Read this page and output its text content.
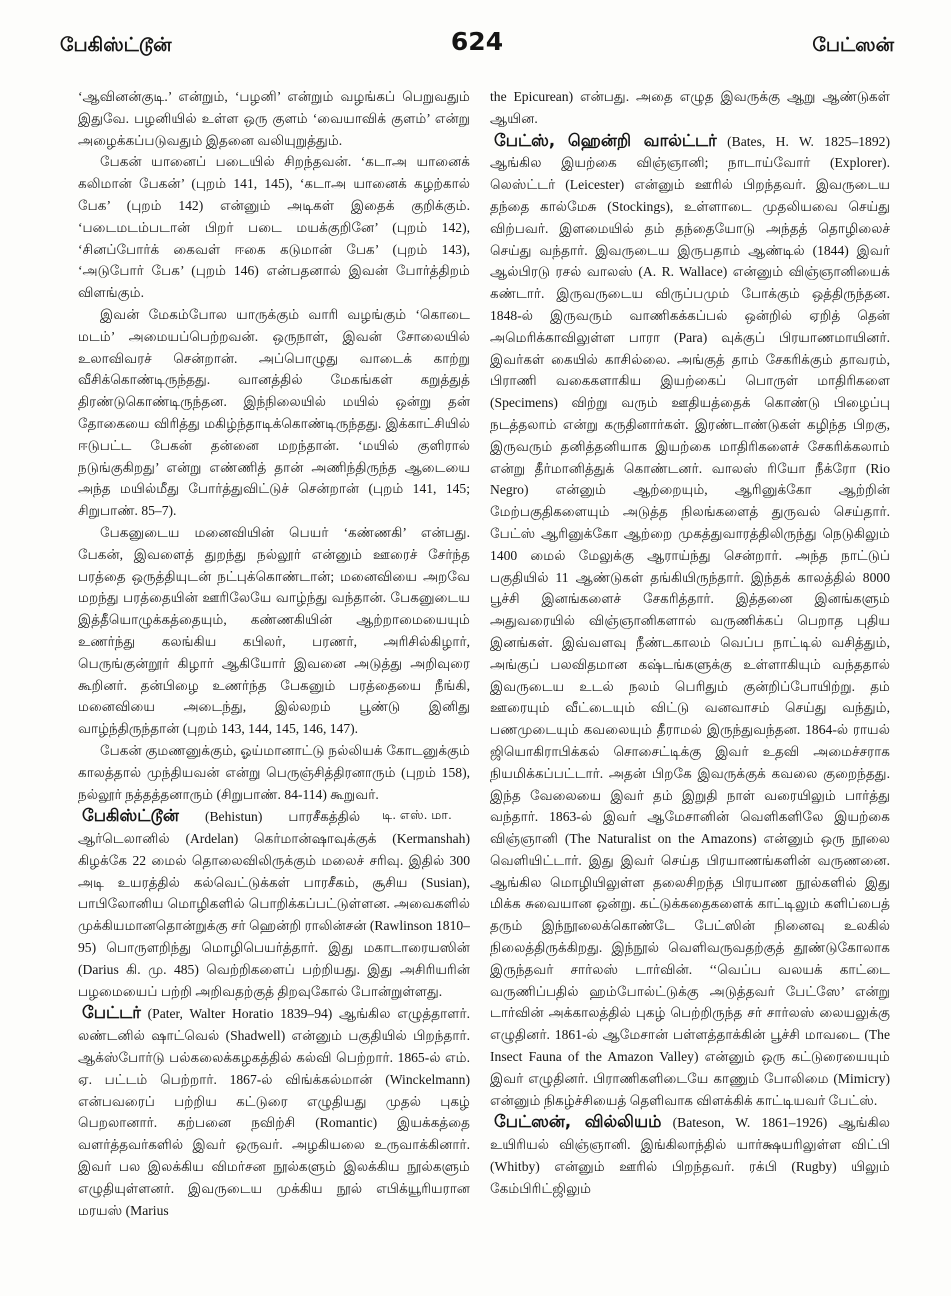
பேகிஸ்ட்டூன்	624	பேட்ஸன்

‘ஆவினன்குடி.’ என்றும், ‘பழனி’ என்றும் வழங்கப் பெறுவதும் இதுவே. பழனியில் உள்ள ஒரு குளம் ‘வையாவிக் குளம்’ என்று அழைக்கப்படுவதும் இதனை வலியுறுத்தும்.

பேகன் யானைப் படையில் சிறந்தவன். ‘கடாஅ யானைக் கலிமான் பேகன்’ (புறம் 141, 145), ‘கடாஅ யானைக் கழற்கால் பேக’ (புறம் 142) என்னும் அடிகள் இதைக் குறிக்கும். ‘படைமடம்படான் பிறர் படை மயக்குறினே’ (புறம் 142), ‘சினப்போர்க் கைவள் ஈகை கடுமான் பேக’ (புறம் 143), ‘அடுபோர் பேக’ (புறம் 146) என்பதனால் இவன் போர்த்திறம் விளங்கும்.

இவன் மேகம்போல யாருக்கும் வாரி வழங்கும் ‘கொடை மடம்’ அமையப்பெற்றவன். ஒருநாள், இவன் சோலையில் உலாவிவரச் சென்றான். அப்பொழுது வாடைக் காற்று வீசிக்கொண்டிருந்தது. வானத்தில் மேகங்கள் கறுத்துத் திரண்டுகொண்டிருந்தன. இந்நிலையில் மயில் ஒன்று தன் தோகையை விரித்து மகிழ்ந்தாடிக்கொண்டிருந்தது. இக்காட்சியில் ஈடுபட்ட பேகன் தன்னை மறந்தான். ‘மயில் குளிரால் நடுங்குகிறது’ என்று எண்ணித் தான் அணிந்திருந்த ஆடையை அந்த மயில்மீது போர்த்துவிட்டுச் சென்றான் (புறம் 141, 145; சிறுபாண். 85–7).

பேகனுடைய மனைவியின் பெயர் ‘கண்ணகி’ என்பது. பேகன், இவளைத் துறந்து நல்லூர் என்னும் ஊரைச் சேர்ந்த பரத்தை ஒருத்தியுடன் நட்புக்கொண்டான்; மனைவியை அறவே மறந்து பரத்தையின் ஊரிலேயே வாழ்ந்து வந்தான். பேகனுடைய இத்தீயொழுக்கத்தையும், கண்ணகியின் ஆற்றாமையையும் உணர்ந்து கலங்கிய கபிலர், பரணர், அரிசில்கிழார், பெருங்குன்றூர் கிழார் ஆகியோர் இவனை அடுத்து அறிவுரை கூறினர். தன்பிழை உணர்ந்த பேகனும் பரத்தையை நீங்கி, மனைவியை அடைந்து, இல்லறம் பூண்டு இனிது வாழ்ந்திருந்தான் (புறம் 143, 144, 145, 146, 147).

பேகன் குமணனுக்கும், ஓய்மானாட்டு நல்லியக் கோடனுக்கும் காலத்தால் முந்தியவன் என்று பெருஞ்சித்திரனாரும் (புறம் 158), நல்லூர் நத்தத்தனாரும் (சிறுபாண். 84-114) கூறுவர்.
டி. எஸ். மா.

பேகிஸ்ட்டூன் (Behistun) பாரசீகத்தில் ஆர்டெலானில் (Ardelan) கெர்மான்ஷாவுக்குக் (Kermanshah) கிழக்கே 22 மைல் தொலைவிலிருக்கும் மலைச் சரிவு. இதில் 300 அடி உயரத்தில் கல்வெட்டுக்கள் பாரசீகம், சூசிய (Susian), பாபிலோனிய மொழிகளில் பொறிக்கப்பட்டுள்ளன. அவைகளில் முக்கியமானதொன்றுக்கு சர் ஹென்றி ராலின்சன் (Rawlinson 1810–95) பொருளறிந்து மொழிபெயர்த்தார். இது மகாடாரையஸின் (Darius கி. மு. 485) வெற்றிகளைப் பற்றியது. இது அசிரியரின் பழமையைப் பற்றி அறிவதற்குத் திறவுகோல் போன்றுள்ளது.

பேட்டர் (Pater, Walter Horatio 1839–94) ஆங்கில எழுத்தாளர். லண்டனில் ஷாட்வெல் (Shadwell) என்னும் பகுதியில் பிறந்தார். ஆக்ஸ்போர்டு பல்கலைக்கழகத்தில் கல்வி பெற்றார். 1865-ல் எம். ஏ. பட்டம் பெற்றார். 1867-ல் விங்க்கல்மான் (Winckelmann) என்பவரைப் பற்றிய கட்டுரை எழுதியது முதல் புகழ் பெறலானார். கற்பனை நவிற்சி (Romantic) இயக்கத்தை வளர்த்தவர்களில் இவர் ஒருவர். அழகியலை உருவாக்கினார். இவர் பல இலக்கிய விமர்சன நூல்களும் இலக்கிய நூல்களும் எழுதியுள்ளனர். இவருடைய முக்கிய நூல் எபிக்யூரியரான மரயஸ் (Marius

the Epicurean) என்பது. அதை எழுத இவருக்கு ஆறு ஆண்டுகள் ஆயின.

பேட்ஸ், ஹென்றி வால்ட்டர் (Bates, H. W. 1825–1892) ஆங்கில இயற்கை விஞ்ஞானி; நாடாய்வோர் (Explorer). லெஸ்ட்டர் (Leicester) என்னும் ஊரில் பிறந்தவர். இவருடைய தந்தை கால்மேசு (Stockings), உள்ளாடை முதலியவை செய்து விற்பவர். இளமையில் தம் தந்தையோடு அந்தத் தொழிலைச் செய்து வந்தார். இவருடைய இருபதாம் ஆண்டில் (1844) இவர் ஆல்பிரடு ரசல் வாலஸ் (A. R. Wallace) என்னும் விஞ்ஞானியைக் கண்டார். இருவருடைய விருப்பமும் போக்கும் ஒத்திருந்தன. 1848-ல் இருவரும் வாணிகக்கப்பல் ஒன்றில் ஏறித் தென் அமெரிக்காவிலுள்ள பாரா (Para) வுக்குப் பிரயாணமாயினர். இவர்கள் கையில் காசில்லை. அங்குத் தாம் சேகரிக்கும் தாவரம், பிராணி வகைகளாகிய இயற்கைப் பொருள் மாதிரிகளை (Specimens) விற்று வரும் ஊதியத்தைக் கொண்டு பிழைப்பு நடத்தலாம் என்று கருதினார்கள். இரண்டாண்டுகள் கழிந்த பிறகு, இருவரும் தனித்தனியாக இயற்கை மாதிரிகளைச் சேகரிக்கலாம் என்று தீர்மானித்துக் கொண்டனர். வாலஸ் ரியோ நீக்ரோ (Rio Negro) என்னும் ஆற்றையும், ஆரினுக்கோ ஆற்றின் மேற்பகுதிகளையும் அடுத்த நிலங்களைத் துருவல் செய்தார். பேட்ஸ் ஆரினுக்கோ ஆற்றை முகத்துவாரத்திலிருந்து நெடுகிலும் 1400 மைல் மேலுக்கு ஆராய்ந்து சென்றார். அந்த நாட்டுப் பகுதியில் 11 ஆண்டுகள் தங்கியிருந்தார். இந்தக் காலத்தில் 8000 பூச்சி இனங்களைச் சேகரித்தார். இத்தனை இனங்களும் அதுவரையில் விஞ்ஞானிகளால் வருணிக்கப் பெறாத புதிய இனங்கள். இவ்வளவு நீண்டகாலம் வெப்ப நாட்டில் வசித்தும், அங்குப் பலவிதமான கஷ்டங்களுக்கு உள்ளாகியும் வந்ததால் இவருடைய உடல் நலம் பெரிதும் குன்றிப்போயிற்று. தம் ஊரையும் வீட்டையும் விட்டு வனவாசம் செய்து வந்தும், பணமுடையும் கவலையும் தீராமல் இருந்துவந்தன. 1864-ல் ராயல் ஜியொகிராபிக்கல் சொசைட்டிக்கு இவர் உதவி அமைச்சராக நியமிக்கப்பட்டார். அதன் பிறகே இவருக்குக் கவலை குறைந்தது. இந்த வேலையை இவர் தம் இறுதி நாள் வரையிலும் பார்த்து வந்தார். 1863-ல் இவர் ஆமேசானின் வெளிகளிலே இயற்கை விஞ்ஞானி (The Naturalist on the Amazons) என்னும் ஒரு நூலை வெளியிட்டார். இது இவர் செய்த பிரயாணங்களின் வருணனை. ஆங்கில மொழியிலுள்ள தலைசிறந்த பிரயாண நூல்களில் இது மிக்க சுவையான ஒன்று. கட்டுக்கதைகளைக் காட்டிலும் களிப்பைத் தரும் இந்நூலைக்கொண்டே பேட்ஸின் நினைவு உலகில் நிலைத்திருக்கிறது. இந்நூல் வெளிவருவதற்குத் தூண்டுகோலாக இருந்தவர் சார்லஸ் டார்வின். ‘‘வெப்ப வலயக் காட்டை வருணிப்பதில் ஹம்போல்ட்டுக்கு அடுத்தவர் பேட்ஸே’ என்று டார்வின் அக்காலத்தில் புகழ் பெற்றிருந்த சர் சார்லஸ் லையலுக்கு எழுதினர். 1861-ல் ஆமேசான் பள்ளத்தாக்கின் பூச்சி மாவடை (The Insect Fauna of the Amazon Valley) என்னும் ஒரு கட்டுரையையும் இவர் எழுதினர். பிராணிகளிடையே காணும் போலிமை (Mimicry) என்னும் நிகழ்ச்சியைத் தெளிவாக விளக்கிக் காட்டியவர் பேட்ஸ்.

பேட்ஸன், வில்லியம் (Bateson, W. 1861–1926) ஆங்கில உயிரியல் விஞ்ஞானி. இங்கிலாந்தில் யார்க்ஷயரிலுள்ள விட்பி (Whitby) என்னும் ஊரில் பிறந்தவர். ரக்பி (Rugby) யிலும் கேம்பிரிட்ஜிலும்
